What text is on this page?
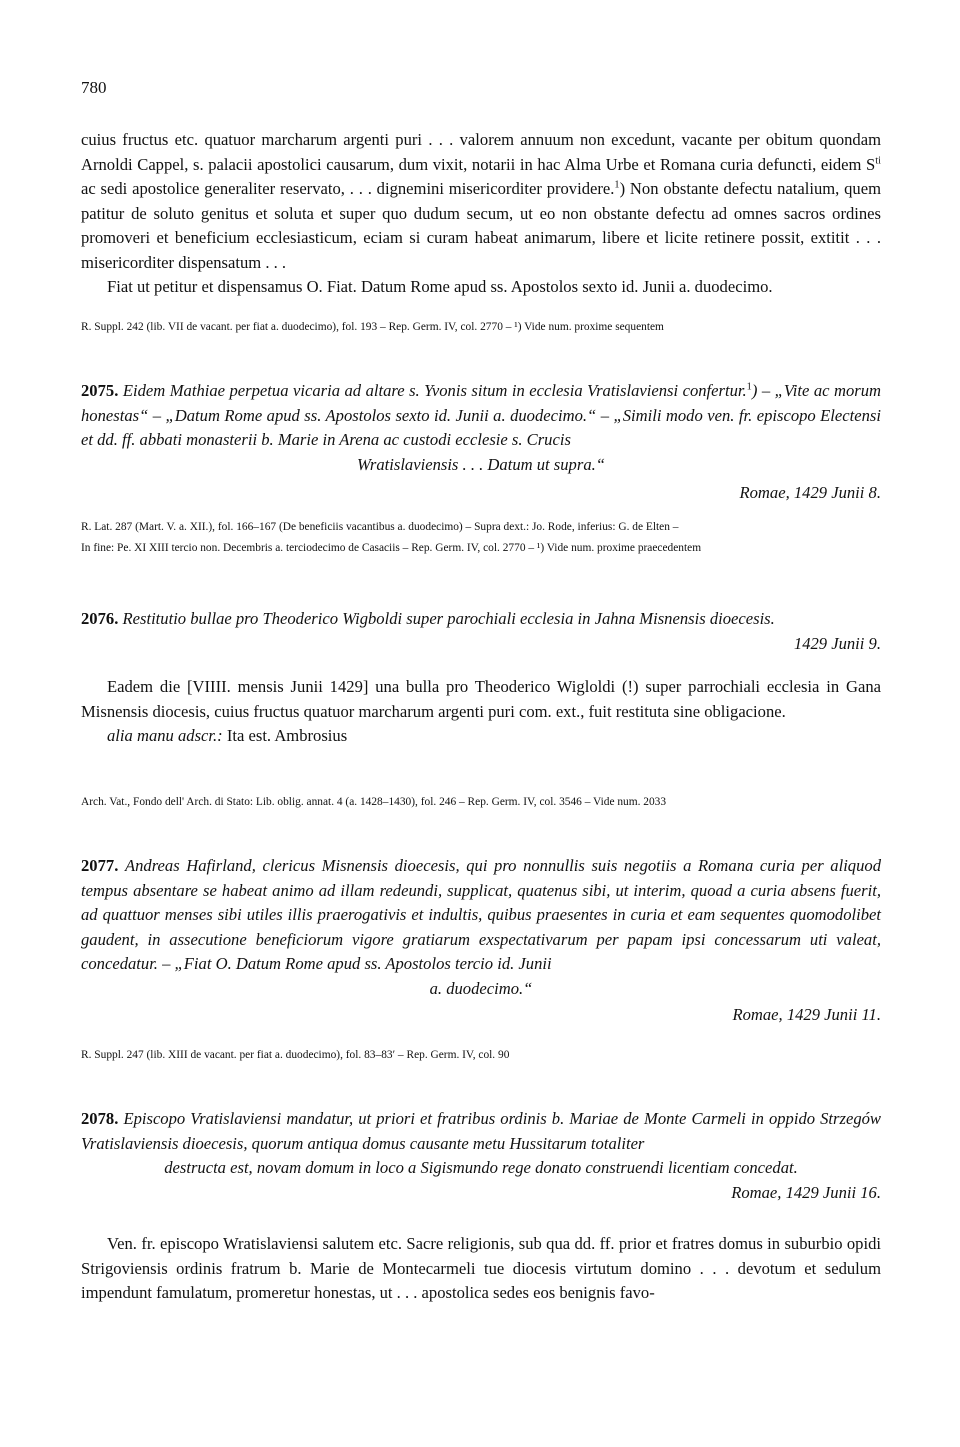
780

cuius fructus etc. quatuor marcharum argenti puri . . . valorem annuum non excedunt, vacante per obitum quondam Arnoldi Cappel, s. palacii apostolici causarum, dum vixit, notarii in hac Alma Urbe et Romana curia defuncti, eidem $S^{ti}$ ac sedi apostolice generaliter reservato, . . . dignemini misericorditer providere.$^1$) Non obstante defectu natalium, quem patitur de soluto genitus et soluta et super quo dudum secum, ut eo non obstante defectu ad omnes sacros ordines promoveri et beneficium ecclesiasticum, eciam si curam habeat animarum, libere et licite retinere possit, extitit . . . misericorditer dispensatum . . .

Fiat ut petitur et dispensamus O. Fiat. Datum Rome apud ss. Apostolos sexto id. Junii a. duodecimo.

R. Suppl. 242 (lib. VII de vacant. per fiat a. duodecimo), fol. 193 – Rep. Germ. IV, col. 2770 – ¹) Vide num. proxime sequentem

2075. Eidem Mathiae perpetua vicaria ad altare s. Yvonis situm in ecclesia Vratislaviensi confertur.$^1$) – „Vite ac morum honestas“ – „Datum Rome apud ss. Apostolos sexto id. Junii a. duodecimo.“ – „Simili modo ven. fr. episcopo Electensi et dd. ff. abbati monasterii b. Marie in Arena ac custodi ecclesie s. Crucis

Wratislaviensis . . . Datum ut supra.“

Romae, 1429 Junii 8.

R. Lat. 287 (Mart. V. a. XII.), fol. 166–167 (De beneficiis vacantibus a. duodecimo) – Supra dext.: Jo. Rode, inferius: G. de Elten –

In fine: Pe. XI XIII tercio non. Decembris a. terciodecimo de Casaciis – Rep. Germ. IV, col. 2770 – ¹) Vide num. proxime praecedentem

2076. Restitutio bullae pro Theoderico Wigboldi super parochiali ecclesia in Jahna Misnensis dioecesis.

1429 Junii 9.

Eadem die [VIIII. mensis Junii 1429] una bulla pro Theoderico Wigloldi (!) super parrochiali ecclesia in Gana Misnensis diocesis, cuius fructus quatuor marcharum argenti puri com. ext., fuit restituta sine obligacione.

alia manu adscr.: Ita est. Ambrosius

Arch. Vat., Fondo dell' Arch. di Stato: Lib. oblig. annat. 4 (a. 1428–1430), fol. 246 – Rep. Germ. IV, col. 3546 – Vide num. 2033

2077. Andreas Hafirland, clericus Misnensis dioecesis, qui pro nonnullis suis negotiis a Romana curia per aliquod tempus absentare se habeat animo ad illam redeundi, supplicat, quatenus sibi, ut interim, quoad a curia absens fuerit, ad quattuor menses sibi utiles illis praerogativis et indultis, quibus praesentes in curia et eam sequentes quomodolibet gaudent, in assecutione beneficiorum vigore gratiarum exspectativarum per papam ipsi concessarum uti valeat, concedatur. – „Fiat O. Datum Rome apud ss. Apostolos tercio id. Junii

a. duodecimo.“

Romae, 1429 Junii 11.

R. Suppl. 247 (lib. XIII de vacant. per fiat a. duodecimo), fol. 83–83′ – Rep. Germ. IV, col. 90

2078. Episcopo Vratislaviensi mandatur, ut priori et fratribus ordinis b. Mariae de Monte Carmeli in oppido Strzegów Vratislaviensis dioecesis, quorum antiqua domus causante metu Hussitarum totaliter

destructa est, novam domum in loco a Sigismundo rege donato construendi licentiam concedat.

Romae, 1429 Junii 16.

Ven. fr. episcopo Wratislaviensi salutem etc. Sacre religionis, sub qua dd. ff. prior et fratres domus in suburbio opidi Strigoviensis ordinis fratrum b. Marie de Montecarmeli tue diocesis virtutum domino . . . devotum et sedulum impendunt famulatum, promeretur honestas, ut . . . apostolica sedes eos benignis favo-
